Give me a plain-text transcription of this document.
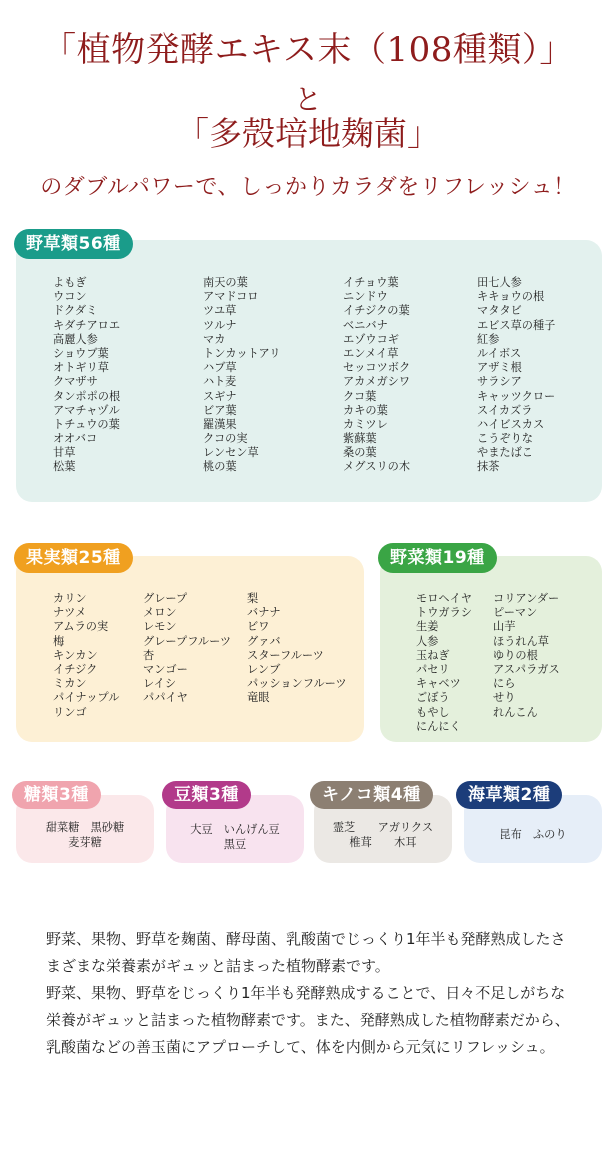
「植物発酵エキス末（108種類）」
と
「多殻培地麹菌」
のダブルパワーで、しっかりカラダをリフレッシュ！
野草類56種
よもぎ
ウコン
ドクダミ
キダチアロエ
高麗人参
ショウブ葉
オトギリ草
クマザサ
タンポポの根
アマチャヅル
トチュウの葉
オオバコ
甘草
松葉
南天の葉
アマドコロ
ツユ草
ツルナ
マカ
トンカットアリ
ハブ草
ハト麦
スギナ
ビア葉
羅漢果
クコの実
レンセン草
桃の葉
イチョウ葉
ニンドウ
イチジクの葉
ベニバナ
エゾウコギ
エンメイ草
セッコツボク
アカメガシワ
クコ葉
カキの葉
カミツレ
紫蘇葉
桑の葉
メグスリの木
田七人参
キキョウの根
マタタビ
エビス草の種子
紅参
ルイボス
アザミ根
サラシア
キャッツクロー
スイカズラ
ハイビスカス
こうぞりな
やまたばこ
抹茶
果実類25種
カリン
ナツメ
アムラの実
梅
キンカン
イチジク
ミカン
パイナップル
リンゴ
グレープ
メロン
レモン
グレープフルーツ
杏
マンゴー
レイシ
パパイヤ
梨
バナナ
ビワ
グァバ
スターフルーツ
レンブ
パッションフルーツ
竜眼
野菜類19種
モロヘイヤ
トウガラシ
生姜
人参
玉ねぎ
パセリ
キャベツ
ごぼう
もやし
にんにく
コリアンダー
ピーマン
山芋
ほうれん草
ゆりの根
アスパラガス
にら
せり
れんこん
糖類3種
甜菜糖　黒砂糖
麦芽糖
豆類3種
大豆　いんげん豆
黒豆
キノコ類4種
霊芝　　アガリクス
椎茸　　木耳
海草類2種
昆布　ふのり

野菜、果物、野草を麹菌、酵母菌、乳酸菌でじっくり1年半も発酵熟成したさまざまな栄養素がギュッと詰まった植物酵素です。

野菜、果物、野草をじっくり1年半も発酵熟成することで、日々不足しがちな栄養がギュッと詰まった植物酵素です。また、発酵熟成した植物酵素だから、乳酸菌などの善玉菌にアプローチして、体を内側から元気にリフレッシュ。
